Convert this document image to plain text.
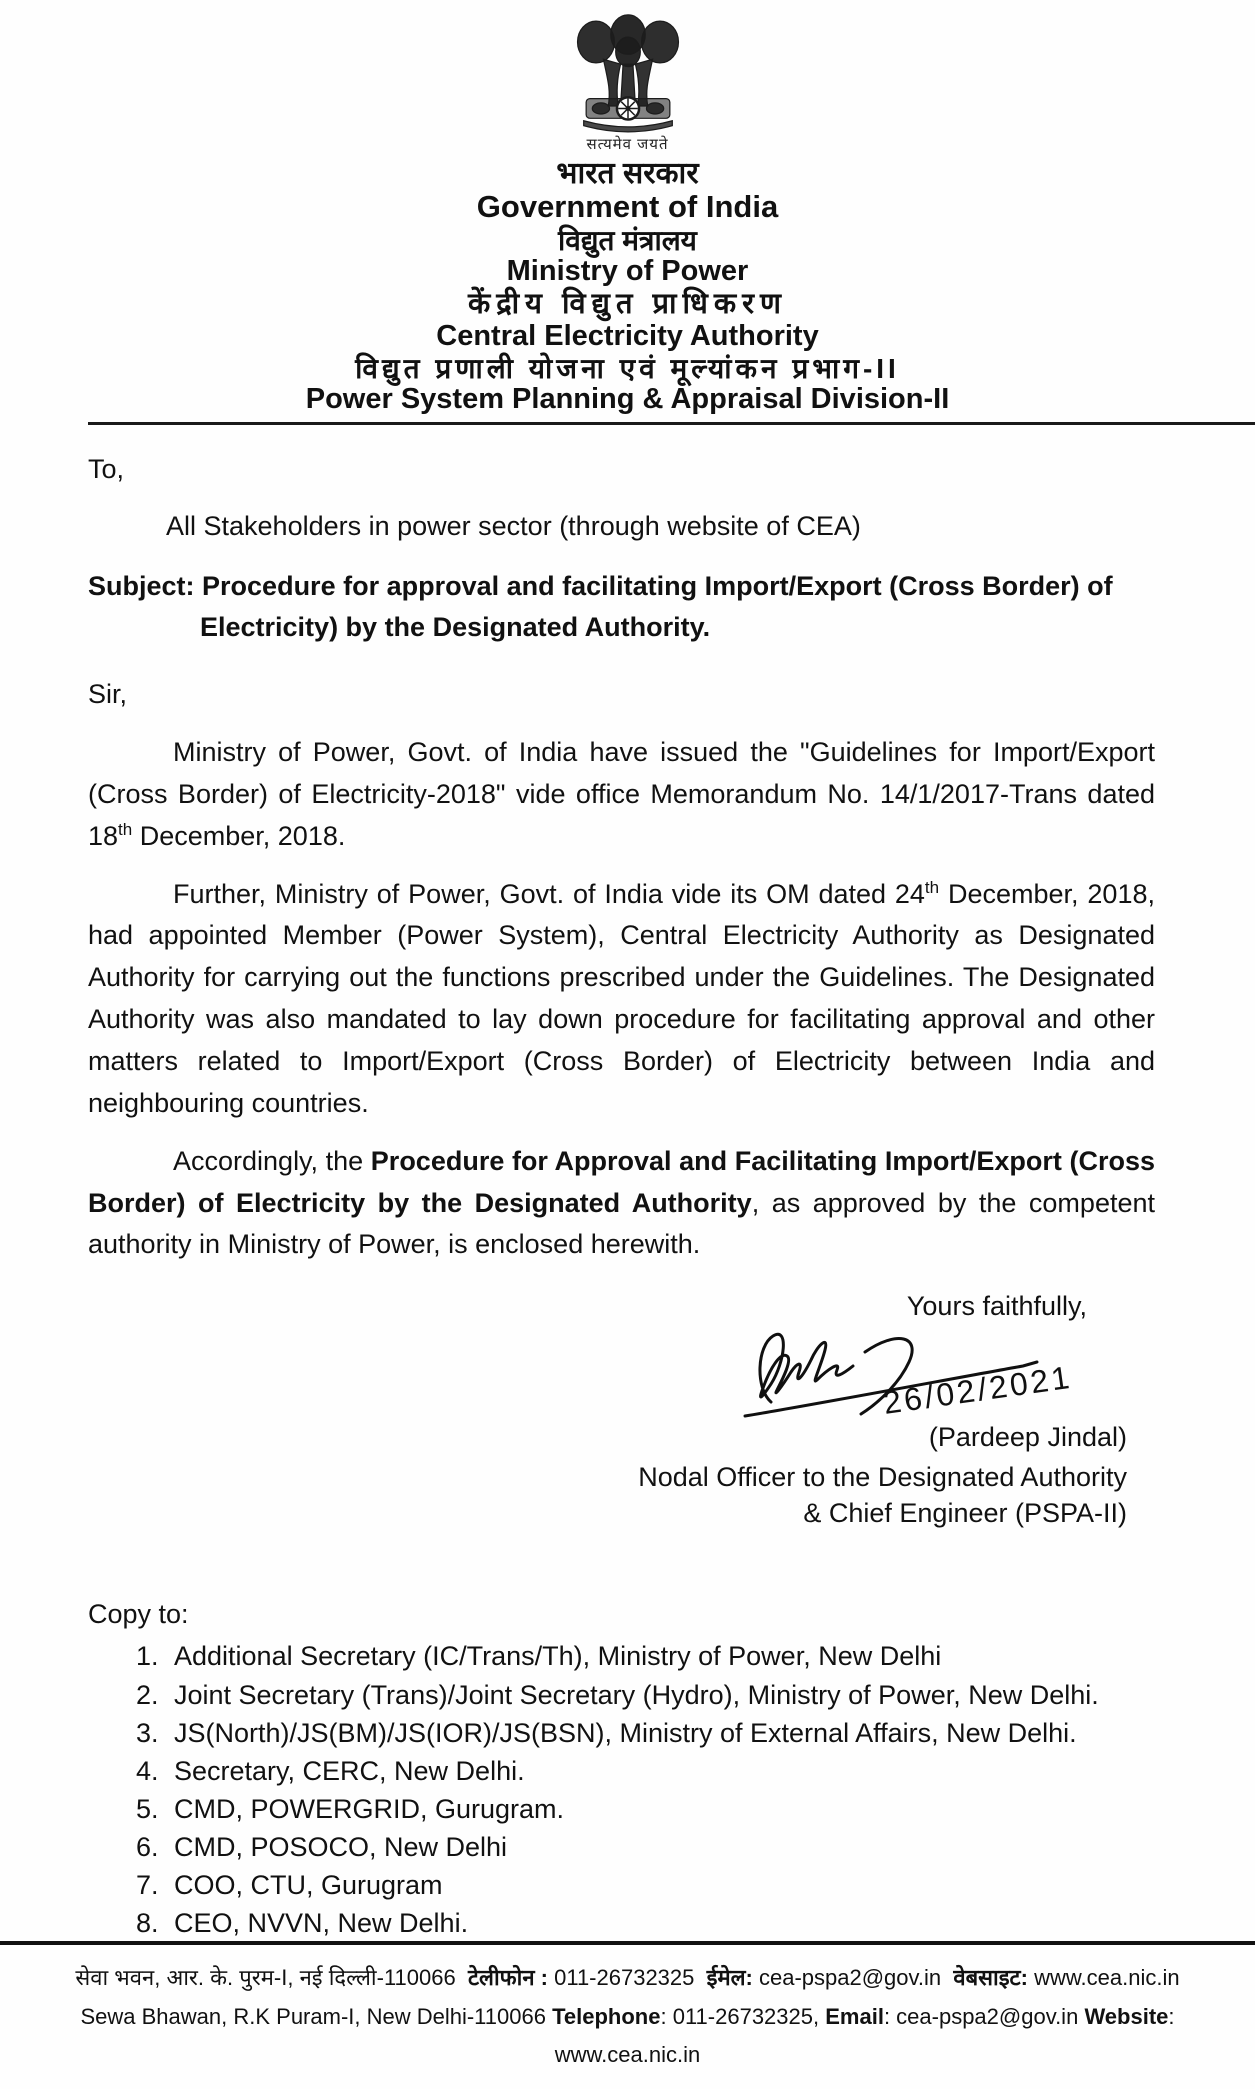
सत्यमेव जयते
भारत सरकार
Government of India
विद्युत मंत्रालय
Ministry of Power
केंद्रीय विद्युत प्राधिकरण
Central Electricity Authority
विद्युत प्रणाली योजना एवं मूल्यांकन प्रभाग-II
Power System Planning & Appraisal Division-II
To,
All Stakeholders in power sector (through website of CEA)

Subject: Procedure for approval and facilitating Import/Export (Cross Border) of Electricity) by the Designated Authority.

Sir,

Ministry of Power, Govt. of India have issued the "Guidelines for Import/Export (Cross Border) of Electricity-2018" vide office Memorandum No. 14/1/2017-Trans dated 18th December, 2018.

Further, Ministry of Power, Govt. of India vide its OM dated 24th December, 2018, had appointed Member (Power System), Central Electricity Authority as Designated Authority for carrying out the functions prescribed under the Guidelines. The Designated Authority was also mandated to lay down procedure for facilitating approval and other matters related to Import/Export (Cross Border) of Electricity between India and neighbouring countries.

Accordingly, the Procedure for Approval and Facilitating Import/Export (Cross Border) of Electricity by the Designated Authority, as approved by the competent authority in Ministry of Power, is enclosed herewith.

Yours faithfully,
26/02/2021
(Pardeep Jindal)
Nodal Officer to the Designated Authority
& Chief Engineer (PSPA-II)
Copy to:
1. Additional Secretary (IC/Trans/Th), Ministry of Power, New Delhi
2. Joint Secretary (Trans)/Joint Secretary (Hydro), Ministry of Power, New Delhi.
3. JS(North)/JS(BM)/JS(IOR)/JS(BSN), Ministry of External Affairs, New Delhi.
4. Secretary, CERC, New Delhi.
5. CMD, POWERGRID, Gurugram.
6. CMD, POSOCO, New Delhi
7. COO, CTU, Gurugram
8. CEO, NVVN, New Delhi.
सेवा भवन, आर. के. पुरम-I, नई दिल्ली-110066 टेलीफोन : 011-26732325 ईमेल: cea-pspa2@gov.in वेबसाइट: www.cea.nic.in
Sewa Bhawan, R.K Puram-I, New Delhi-110066 Telephone: 011-26732325, Email: cea-pspa2@gov.in Website: www.cea.nic.in
